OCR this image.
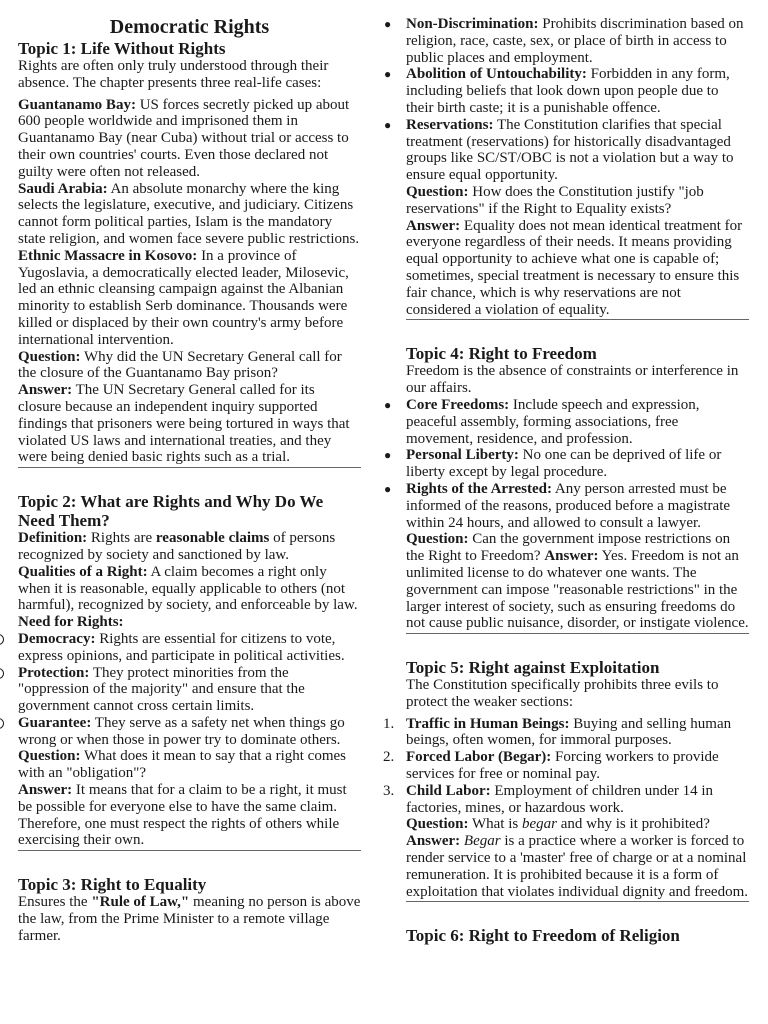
Democratic Rights
Topic 1: Life Without Rights

Rights are often only truly understood through their absence. The chapter presents three real-life cases:

Guantanamo Bay: US forces secretly picked up about 600 people worldwide and imprisoned them in Guantanamo Bay (near Cuba) without trial or access to their own countries' courts. Even those declared not guilty were often not released.

Saudi Arabia: An absolute monarchy where the king selects the legislature, executive, and judiciary. Citizens cannot form political parties, Islam is the mandatory state religion, and women face severe public restrictions.

Ethnic Massacre in Kosovo: In a province of Yugoslavia, a democratically elected leader, Milosevic, led an ethnic cleansing campaign against the Albanian minority to establish Serb dominance. Thousands were killed or displaced by their own country's army before international intervention.

Question: Why did the UN Secretary General call for the closure of the Guantanamo Bay prison?

Answer: The UN Secretary General called for its closure because an independent inquiry supported findings that prisoners were being tortured in ways that violated US laws and international treaties, and they were being denied basic rights such as a trial.

Topic 2: What are Rights and Why Do We Need Them?

Definition: Rights are reasonable claims of persons recognized by society and sanctioned by law.

Qualities of a Right: A claim becomes a right only when it is reasonable, equally applicable to others (not harmful), recognized by society, and enforceable by law.

Need for Rights:

Democracy: Rights are essential for citizens to vote, express opinions, and participate in political activities.
Protection: They protect minorities from the "oppression of the majority" and ensure that the government cannot cross certain limits.
Guarantee: They serve as a safety net when things go wrong or when those in power try to dominate others.

Question: What does it mean to say that a right comes with an "obligation"?

Answer: It means that for a claim to be a right, it must be possible for everyone else to have the same claim. Therefore, one must respect the rights of others while exercising their own.

Topic 3: Right to Equality

Ensures the "Rule of Law," meaning no person is above the law, from the Prime Minister to a remote village farmer.

● Non-Discrimination: Prohibits discrimination based on religion, race, caste, sex, or place of birth in access to public places and employment.
● Abolition of Untouchability: Forbidden in any form, including beliefs that look down upon people due to their birth caste; it is a punishable offence.
● Reservations: The Constitution clarifies that special treatment (reservations) for historically disadvantaged groups like SC/ST/OBC is not a violation but a way to ensure equal opportunity.

Question: How does the Constitution justify "job reservations" if the Right to Equality exists?

Answer: Equality does not mean identical treatment for everyone regardless of their needs. It means providing equal opportunity to achieve what one is capable of; sometimes, special treatment is necessary to ensure this fair chance, which is why reservations are not considered a violation of equality.

Topic 4: Right to Freedom

Freedom is the absence of constraints or interference in our affairs.

● Core Freedoms: Include speech and expression, peaceful assembly, forming associations, free movement, residence, and profession.
● Personal Liberty: No one can be deprived of life or liberty except by legal procedure.
● Rights of the Arrested: Any person arrested must be informed of the reasons, produced before a magistrate within 24 hours, and allowed to consult a lawyer.

Question: Can the government impose restrictions on the Right to Freedom? Answer: Yes. Freedom is not an unlimited license to do whatever one wants. The government can impose "reasonable restrictions" in the larger interest of society, such as ensuring freedoms do not cause public nuisance, disorder, or instigate violence.

Topic 5: Right against Exploitation

The Constitution specifically prohibits three evils to protect the weaker sections:

1. Traffic in Human Beings: Buying and selling human beings, often women, for immoral purposes.
2. Forced Labor (Begar): Forcing workers to provide services for free or nominal pay.
3. Child Labor: Employment of children under 14 in factories, mines, or hazardous work.

Question: What is begar and why is it prohibited?

Answer: Begar is a practice where a worker is forced to render service to a 'master' free of charge or at a nominal remuneration. It is prohibited because it is a form of exploitation that violates individual dignity and freedom.

Topic 6: Right to Freedom of Religion
